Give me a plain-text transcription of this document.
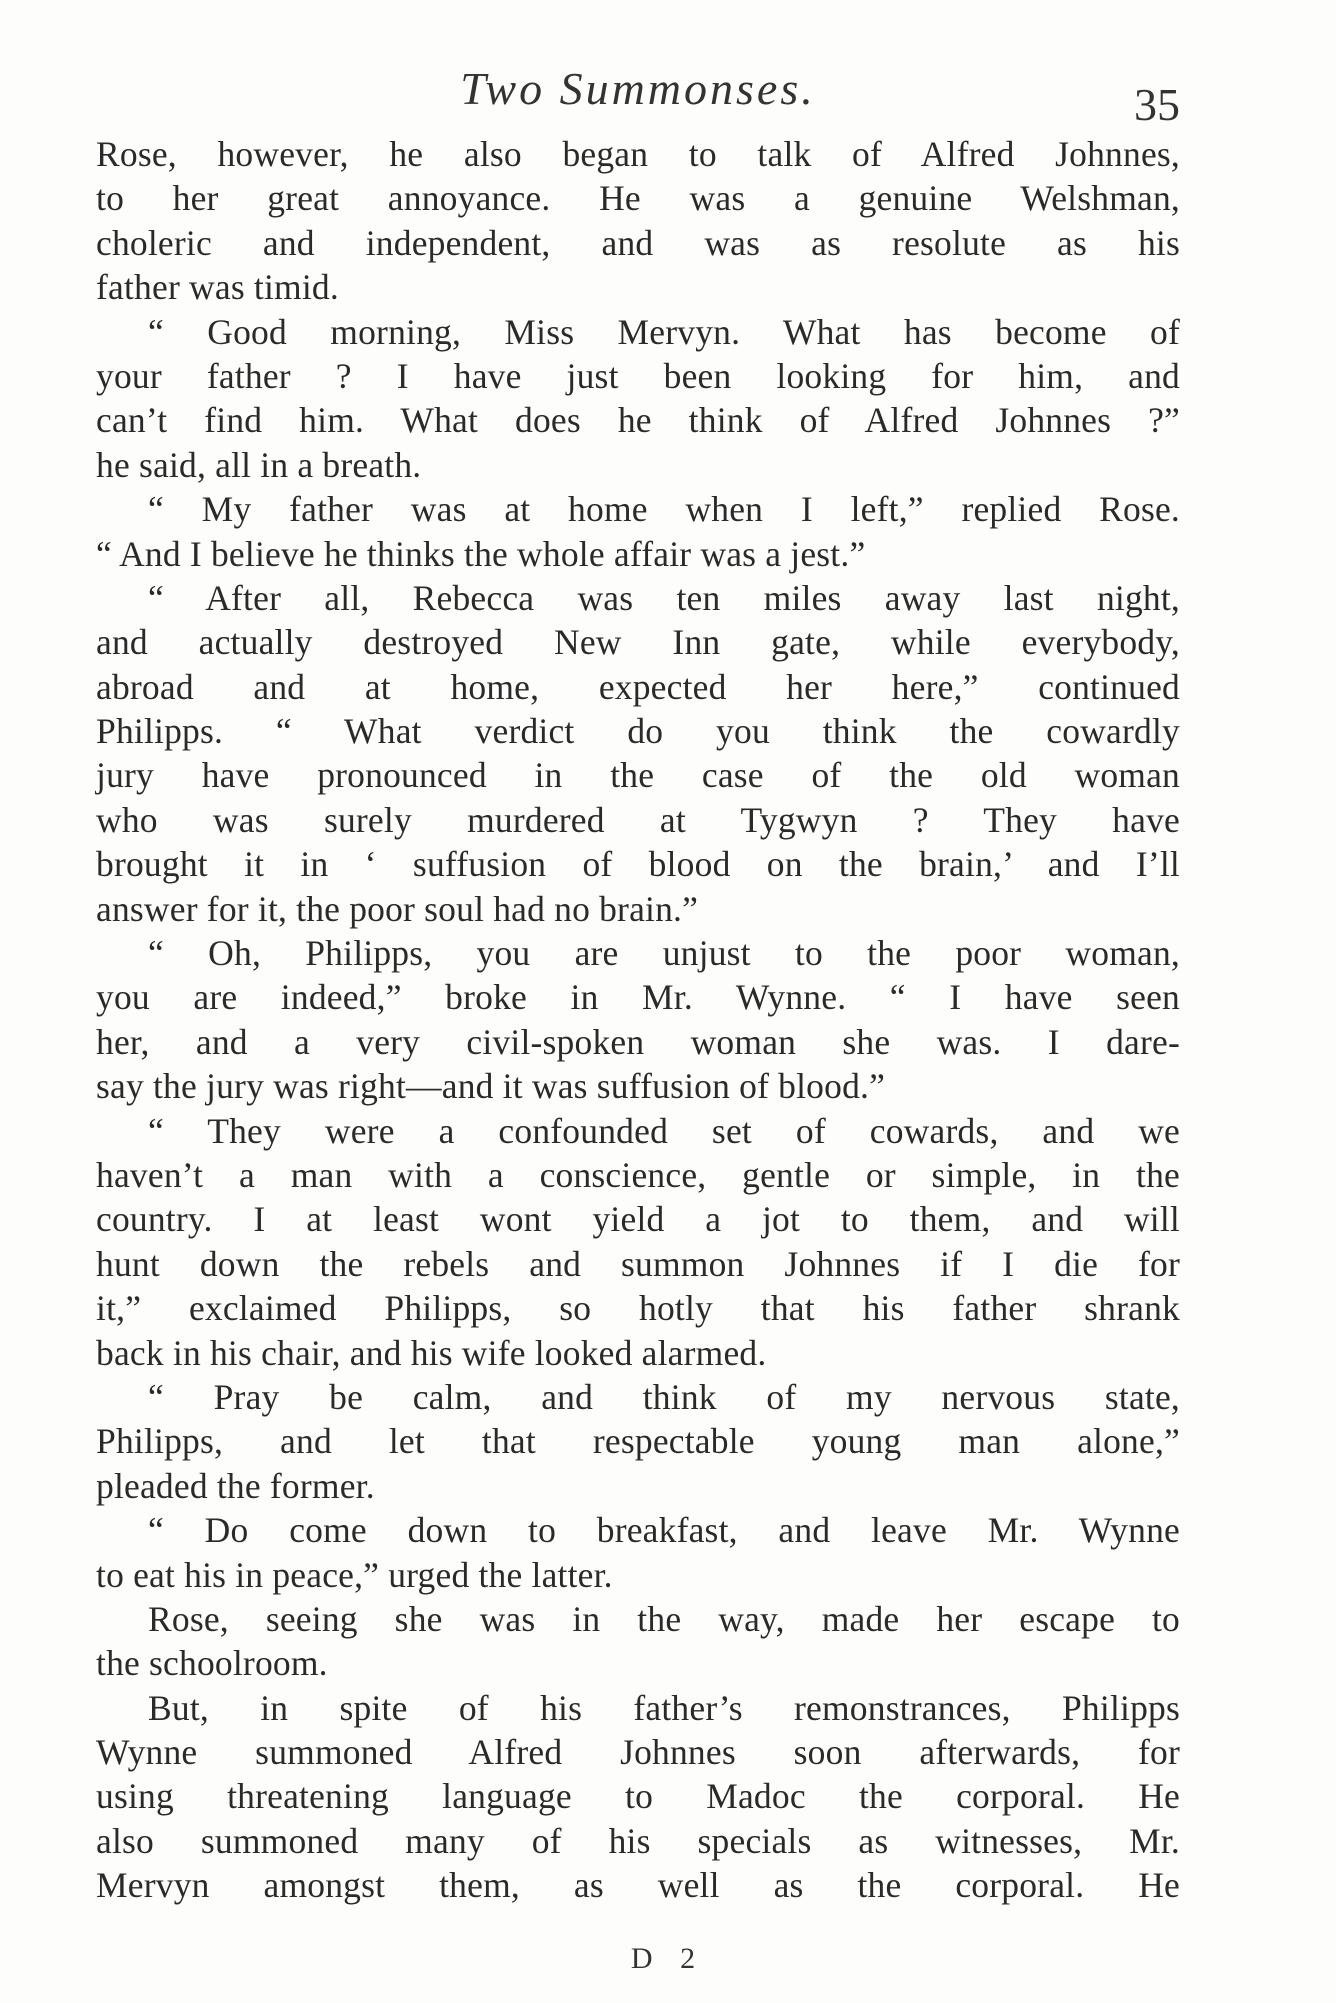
Two Summonses.	35
Rose, however, he also began to talk of Alfred Johnnes,
to her great annoyance. He was a genuine Welshman,
choleric and independent, and was as resolute as his
father was timid.
“ Good morning, Miss Mervyn. What has become of
your father ? I have just been looking for him, and
can’t find him. What does he think of Alfred Johnnes ?”
he said, all in a breath.
“ My father was at home when I left,” replied Rose.
“ And I believe he thinks the whole affair was a jest.”
“ After all, Rebecca was ten miles away last night,
and actually destroyed New Inn gate, while everybody,
abroad and at home, expected her here,” continued
Philipps. “ What verdict do you think the cowardly
jury have pronounced in the case of the old woman
who was surely murdered at Tygwyn ? They have
brought it in ‘ suffusion of blood on the brain,’ and I’ll
answer for it, the poor soul had no brain.”
“ Oh, Philipps, you are unjust to the poor woman,
you are indeed,” broke in Mr. Wynne. “ I have seen
her, and a very civil-spoken woman she was. I dare-
say the jury was right—and it was suffusion of blood.”
“ They were a confounded set of cowards, and we
haven’t a man with a conscience, gentle or simple, in the
country. I at least wont yield a jot to them, and will
hunt down the rebels and summon Johnnes if I die for
it,” exclaimed Philipps, so hotly that his father shrank
back in his chair, and his wife looked alarmed.
“ Pray be calm, and think of my nervous state,
Philipps, and let that respectable young man alone,”
pleaded the former.
“ Do come down to breakfast, and leave Mr. Wynne
to eat his in peace,” urged the latter.
Rose, seeing she was in the way, made her escape to
the schoolroom.
But, in spite of his father’s remonstrances, Philipps
Wynne summoned Alfred Johnnes soon afterwards, for
using threatening language to Madoc the corporal. He
also summoned many of his specials as witnesses, Mr.
Mervyn amongst them, as well as the corporal. He
D 2
